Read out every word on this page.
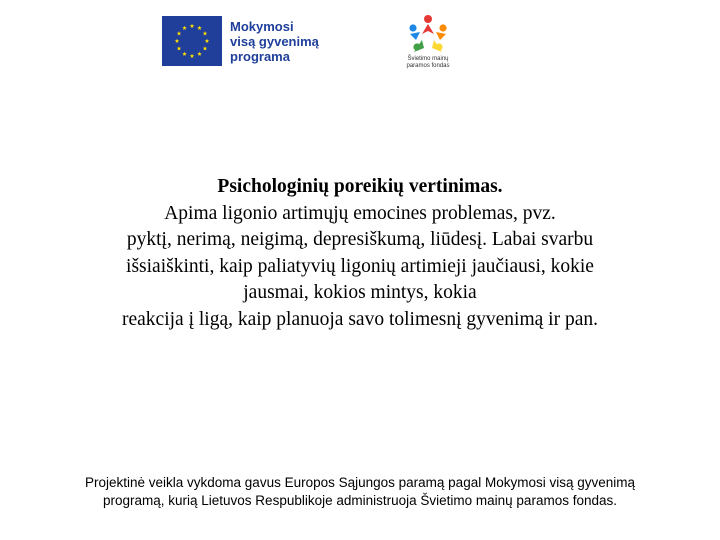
Mokymosi
visą gyvenimą
programa	Švietimo mainų
paramos fondas
Psichologinių poreikių vertinimas.
Apima ligonio artimųjų emocines problemas, pvz.
pyktį, nerimą, neigimą, depresiškumą, liūdesį. Labai svarbu
išsiaiškinti, kaip paliatyvių ligonių artimieji jaučiausi, kokie
jausmai, kokios mintys, kokia
reakcija į ligą, kaip planuoja savo tolimesnį gyvenimą ir pan.
Projektinė veikla vykdoma gavus Europos Sąjungos paramą pagal Mokymosi visą gyvenimą
programą, kurią Lietuvos Respublikoje administruoja Švietimo mainų paramos fondas.
